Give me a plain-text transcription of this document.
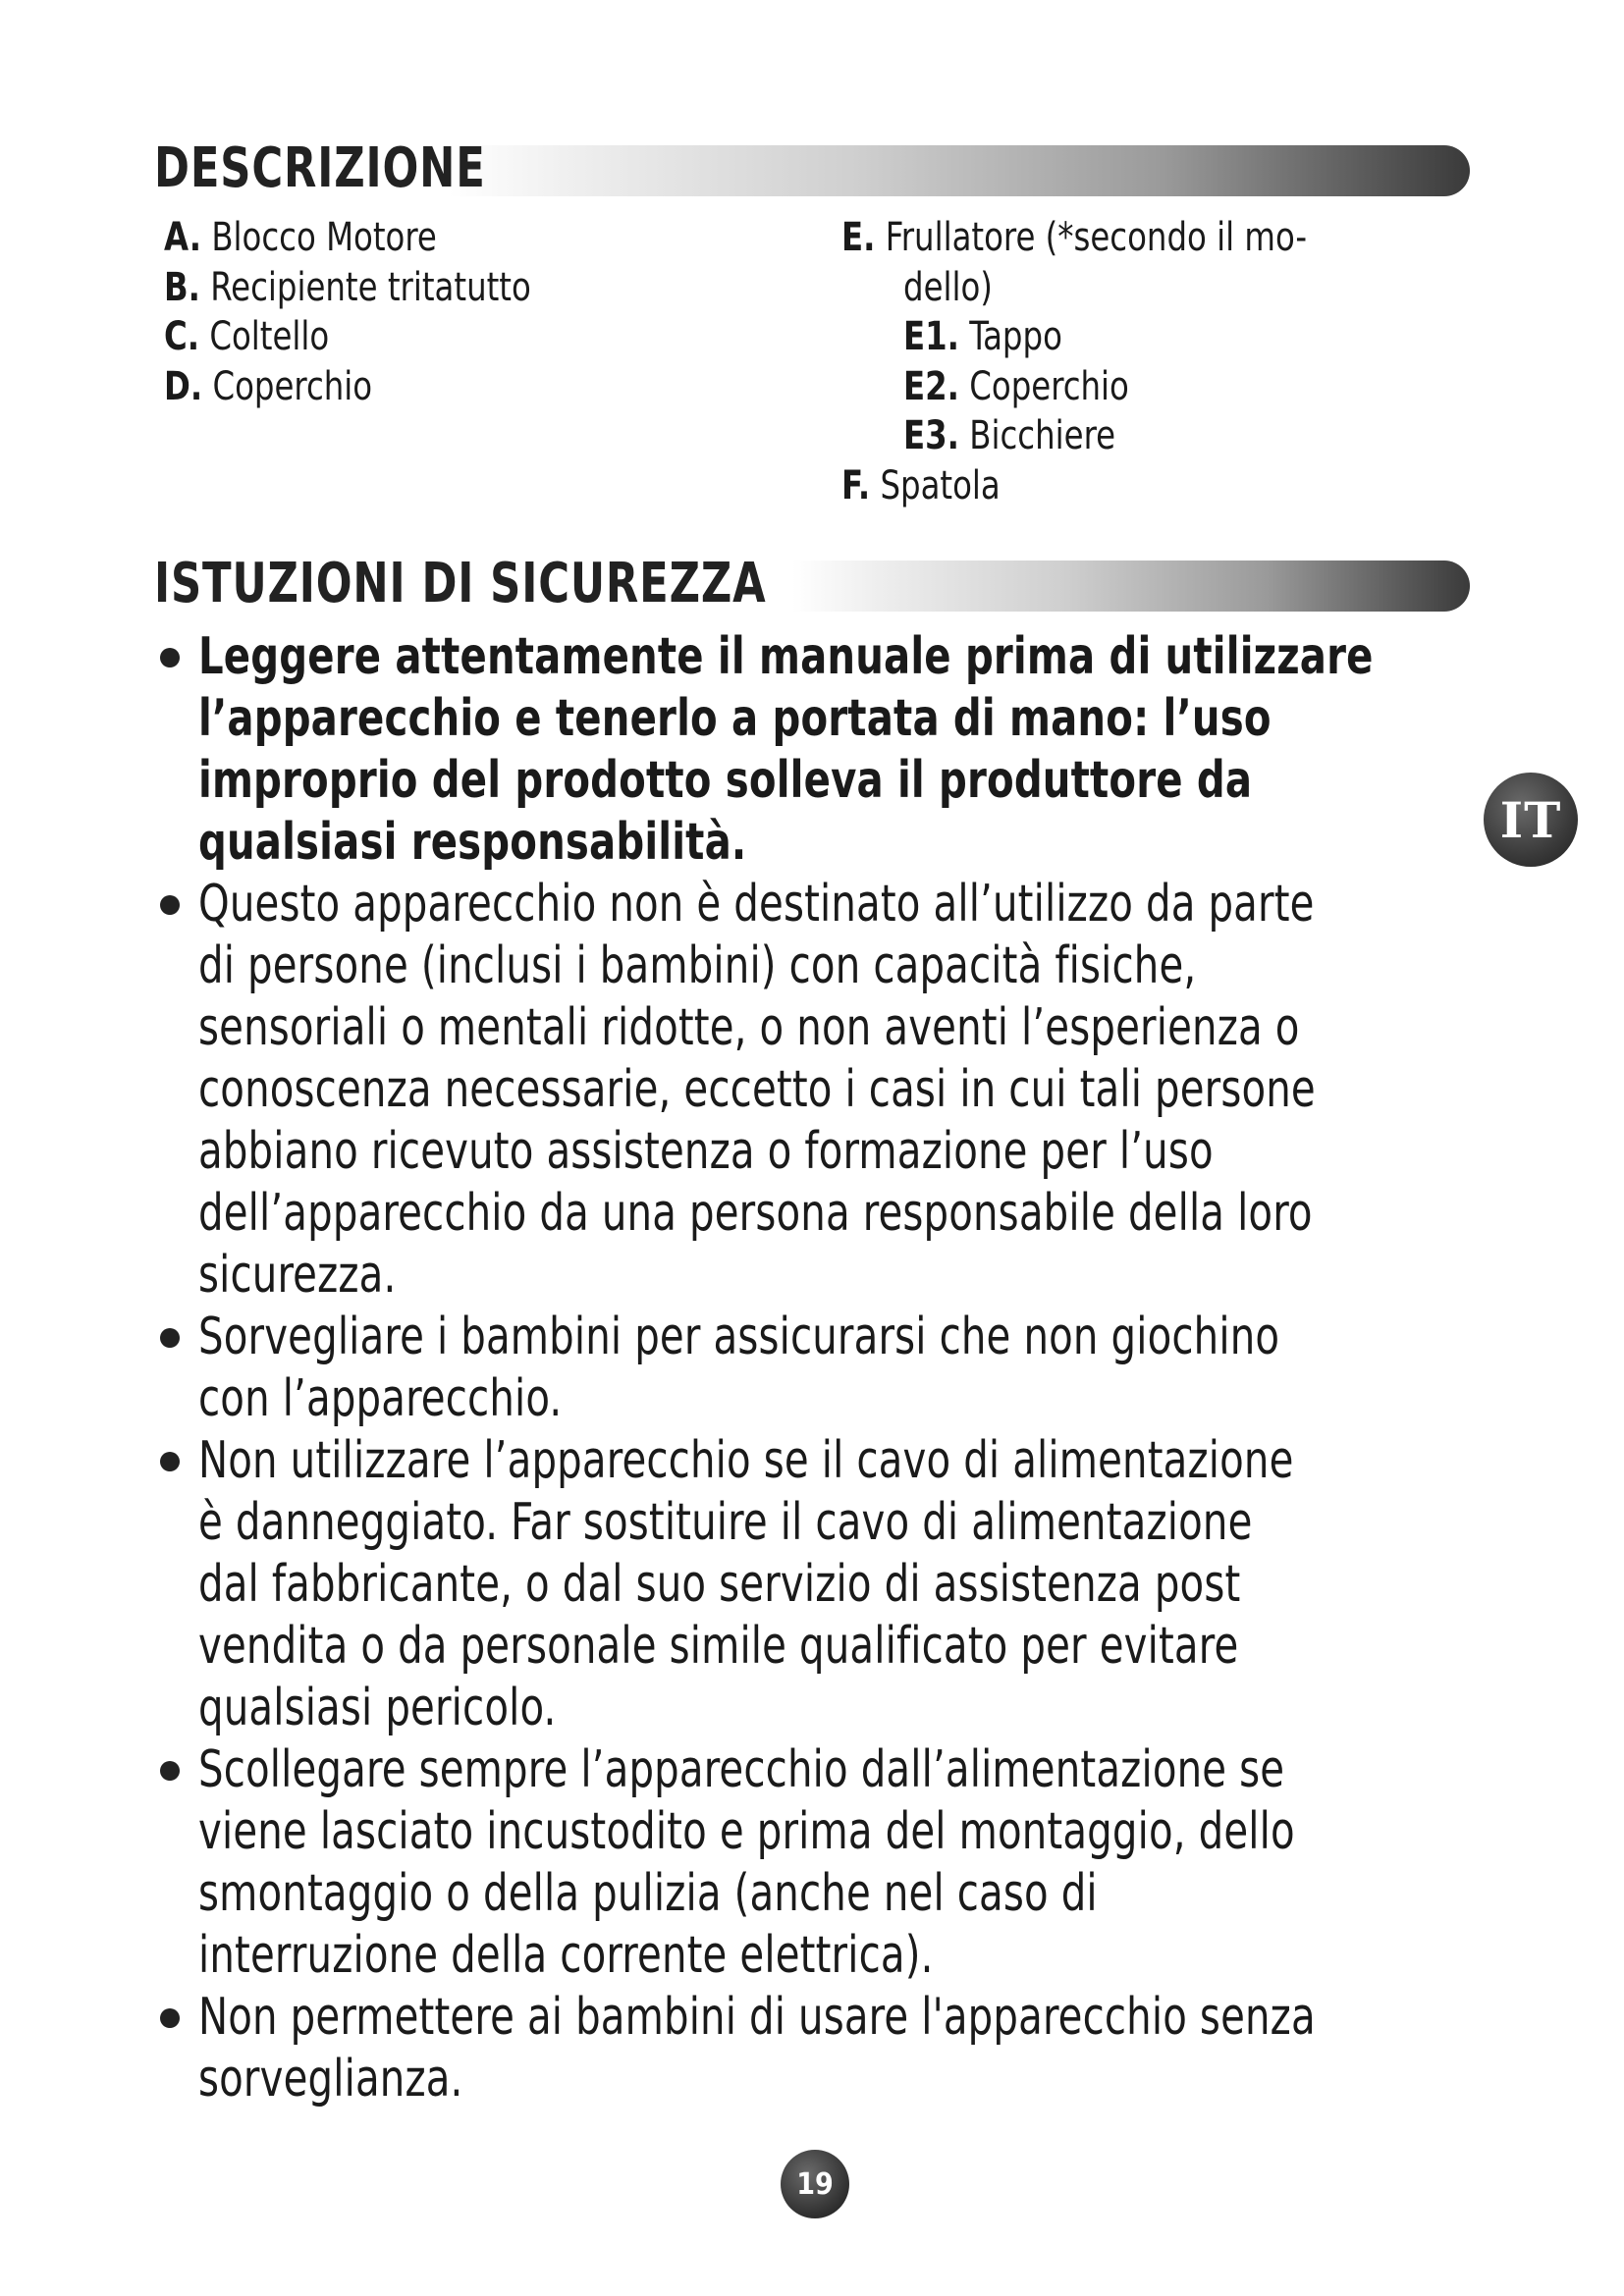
DESCRIZIONE
A. Blocco Motore
B. Recipiente tritatutto
C. Coltello
D. Coperchio
E. Frullatore (*secondo il mo-
dello)
E1. Tappo
E2. Coperchio
E3. Bicchiere
F. Spatola
ISTUZIONI DI SICUREZZA
Leggere attentamente il manuale prima di utilizzare
l’apparecchio e tenerlo a portata di mano: l’uso
improprio del prodotto solleva il produttore da
qualsiasi responsabilità.
Questo apparecchio non è destinato all’utilizzo da parte
di persone (inclusi i bambini) con capacità fisiche,
sensoriali o mentali ridotte, o non aventi l’esperienza o
conoscenza necessarie, eccetto i casi in cui tali persone
abbiano ricevuto assistenza o formazione per l’uso
dell’apparecchio da una persona responsabile della loro
sicurezza.
Sorvegliare i bambini per assicurarsi che non giochino
con l’apparecchio.
Non utilizzare l’apparecchio se il cavo di alimentazione
è danneggiato. Far sostituire il cavo di alimentazione
dal fabbricante, o dal suo servizio di assistenza post
vendita o da personale simile qualificato per evitare
qualsiasi pericolo.
Scollegare sempre l’apparecchio dall’alimentazione se
viene lasciato incustodito e prima del montaggio, dello
smontaggio o della pulizia (anche nel caso di
interruzione della corrente elettrica).
Non permettere ai bambini di usare l'apparecchio senza
sorveglianza.
IT
19
